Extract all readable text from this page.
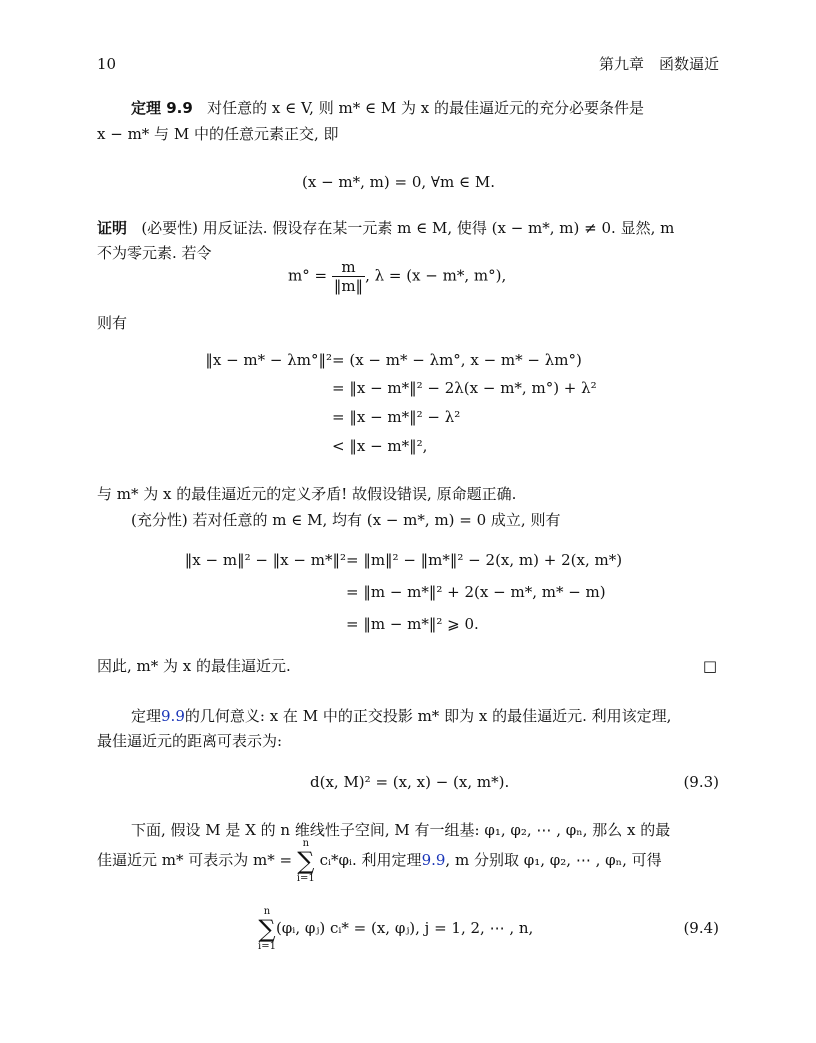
10	第九章　函数逼近
定理 9.9 对任意的 x ∈ V, 则 m* ∈ M 为 x 的最佳逼近元的充分必要条件是
x − m* 与 M 中的任意元素正交, 即
(x − m*, m) = 0, ∀m ∈ M.
证明 (必要性) 用反证法. 假设存在某一元素 m ∈ M, 使得 (x − m*, m) ≠ 0. 显然, m
不为零元素. 若令
$m^\circ = \frac{m}{‖m‖}$ , λ = (x − m*, m°),
则有
‖x − m* − λm°‖² = (x − m* − λm°, x − m* − λm°)
= ‖x − m*‖² − 2λ(x − m*, m°) + λ²
= ‖x − m*‖² − λ²
< ‖x − m*‖²,
与 m* 为 x 的最佳逼近元的定义矛盾! 故假设错误, 原命题正确.
(充分性) 若对任意的 m ∈ M, 均有 (x − m*, m) = 0 成立, 则有
‖x − m‖² − ‖x − m*‖² = ‖m‖² − ‖m*‖² − 2(x, m) + 2(x, m*)
= ‖m − m*‖² + 2(x − m*, m* − m)
= ‖m − m*‖² ⩾ 0.
因此, m* 为 x 的最佳逼近元.	□
定理9.9的几何意义: x 在 M 中的正交投影 m* 即为 x 的最佳逼近元. 利用该定理,
最佳逼近元的距离可表示为:
d(x, M)² = (x, x) − (x, m*).	(9.3)
下面, 假设 M 是 X 的 n 维线性子空间, M 有一组基: φ₁, φ₂, ⋯ , φₙ, 那么 x 的最
佳逼近元 m* 可表示为 m* =
n
∑
i=1
cᵢ*φᵢ. 利用定理9.9, m 分别取 φ₁, φ₂, ⋯ , φₙ, 可得
n
∑
i=1
(φᵢ, φⱼ) cᵢ* = (x, φⱼ), j = 1, 2, ⋯ , n,	(9.4)
